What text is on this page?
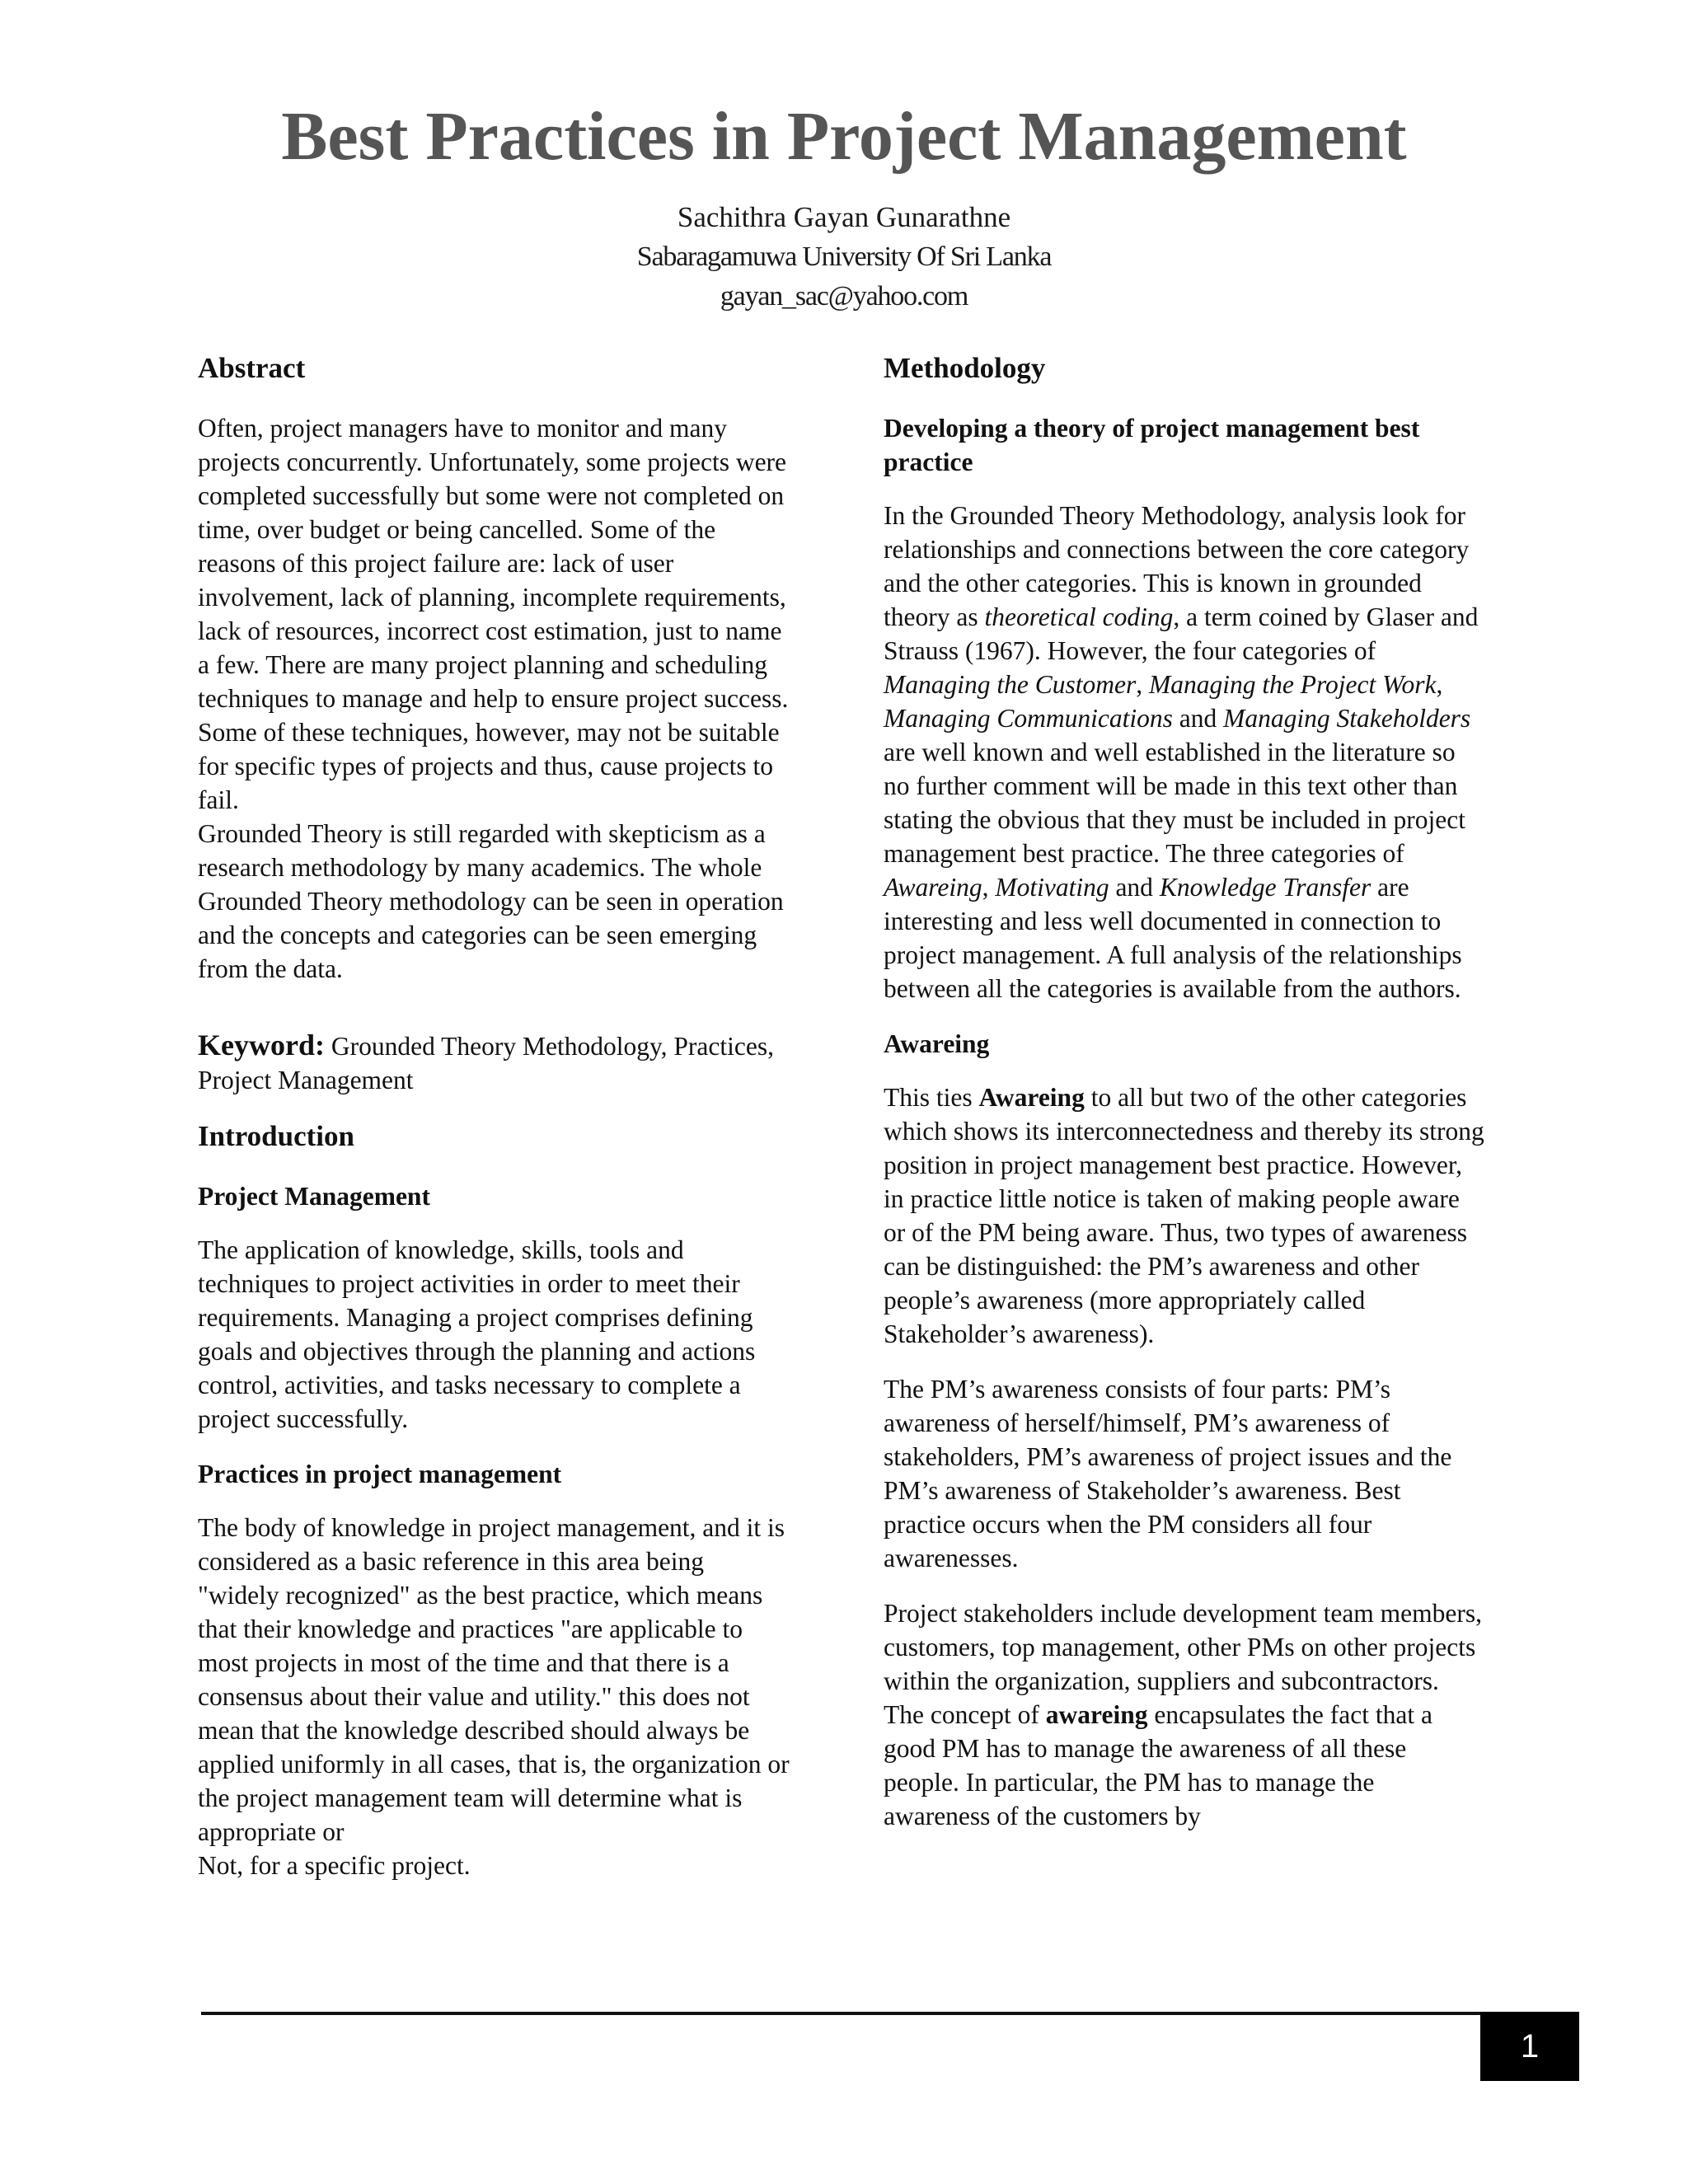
Best Practices in Project Management
Sachithra Gayan Gunarathne
Sabaragamuwa University Of Sri Lanka
gayan_sac@yahoo.com
Abstract

Often, project managers have to monitor and many projects concurrently. Unfortunately, some projects were completed successfully but some were not completed on time, over budget or being cancelled. Some of the reasons of this project failure are: lack of user involvement, lack of planning, incomplete requirements, lack of resources, incorrect cost estimation, just to name a few. There are many project planning and scheduling techniques to manage and help to ensure project success. Some of these techniques, however, may not be suitable for specific types of projects and thus, cause projects to fail.

Grounded Theory is still regarded with skepticism as a research methodology by many academics. The whole Grounded Theory methodology can be seen in operation and the concepts and categories can be seen emerging from the data.

Keyword: Grounded Theory Methodology, Practices, Project Management

Introduction
Project Management

The application of knowledge, skills, tools and techniques to project activities in order to meet their requirements. Managing a project comprises defining goals and objectives through the planning and actions control, activities, and tasks necessary to complete a project successfully.

Practices in project management

The body of knowledge in project management, and it is considered as a basic reference in this area being "widely recognized" as the best practice, which means that their knowledge and practices "are applicable to most projects in most of the time and that there is a consensus about their value and utility." this does not mean that the knowledge described should always be applied uniformly in all cases, that is, the organization or the project management team will determine what is appropriate or

Not, for a specific project.

Methodology
Developing a theory of project management best practice

In the Grounded Theory Methodology, analysis look for relationships and connections between the core category and the other categories. This is known in grounded theory as theoretical coding, a term coined by Glaser and Strauss (1967). However, the four categories of Managing the Customer, Managing the Project Work, Managing Communications and Managing Stakeholders are well known and well established in the literature so no further comment will be made in this text other than stating the obvious that they must be included in project management best practice. The three categories of Awareing, Motivating and Knowledge Transfer are interesting and less well documented in connection to project management. A full analysis of the relationships between all the categories is available from the authors.

Awareing

This ties Awareing to all but two of the other categories which shows its interconnectedness and thereby its strong position in project management best practice. However, in practice little notice is taken of making people aware or of the PM being aware. Thus, two types of awareness can be distinguished: the PM’s awareness and other people’s awareness (more appropriately called Stakeholder’s awareness).

The PM’s awareness consists of four parts: PM’s awareness of herself/himself, PM’s awareness of stakeholders, PM’s awareness of project issues and the PM’s awareness of Stakeholder’s awareness. Best practice occurs when the PM considers all four awarenesses.

Project stakeholders include development team members, customers, top management, other PMs on other projects within the organization, suppliers and subcontractors. The concept of awareing encapsulates the fact that a good PM has to manage the awareness of all these people. In particular, the PM has to manage the awareness of the customers by

1
